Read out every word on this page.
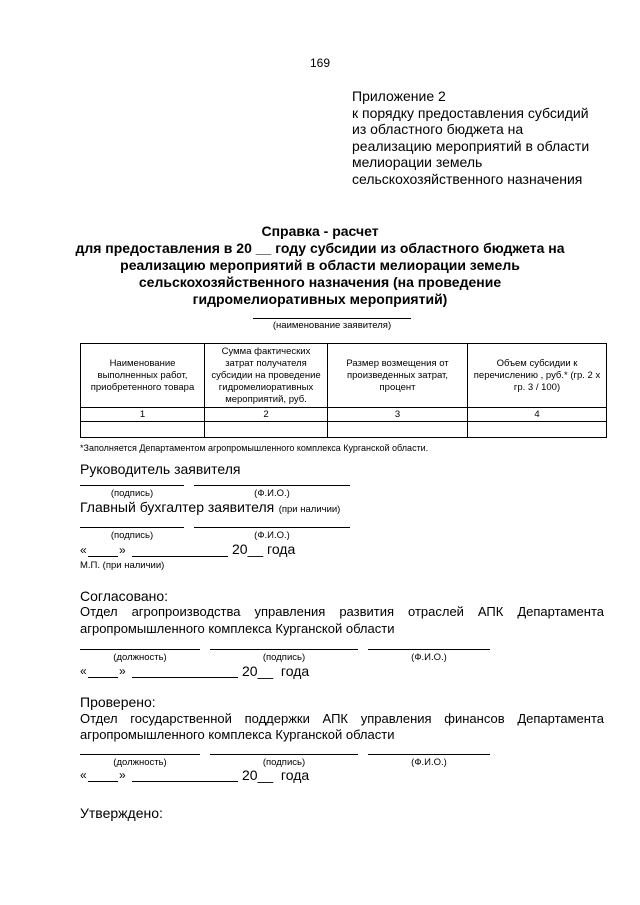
169
Приложение 2
к порядку предоставления субсидий
из областного бюджета на
реализацию мероприятий в области
мелиорации земель
сельскохозяйственного назначения
Справка - расчет
для предоставления в 20 __ году субсидии из областного бюджета на
реализацию мероприятий в области мелиорации земель
сельскохозяйственного назначения (на проведение
гидромелиоративных мероприятий)
(наименование заявителя)
Наименование выполненных работ, приобретенного товара	Сумма фактических затрат получателя субсидии на проведение гидромелиоративных мероприятий, руб.	Размер возмещения от произведенных затрат, процент	Объем субсидии к перечислению , руб.* (гр. 2 х гр. 3 / 100)
1	2	3	4

*Заполняется Департаментом агропромышленного комплекса Курганской области.
Руководитель заявителя
(подпись)	(Ф.И.О.)
Главный бухгалтер заявителя (при наличии)
(подпись)	(Ф.И.О.)
«	»	20__ года
М.П. (при наличии)
Согласовано:
Отдел агропроизводства управления развития отраслей АПК Департамента
агропромышленного комплекса Курганской области
(должность)	(подпись)	(Ф.И.О.)
«	»	20__  года
Проверено:
Отдел государственной поддержки АПК управления финансов Департамента
агропромышленного комплекса Курганской области
(должность)	(подпись)	(Ф.И.О.)
«	»	20__  года
Утверждено:
